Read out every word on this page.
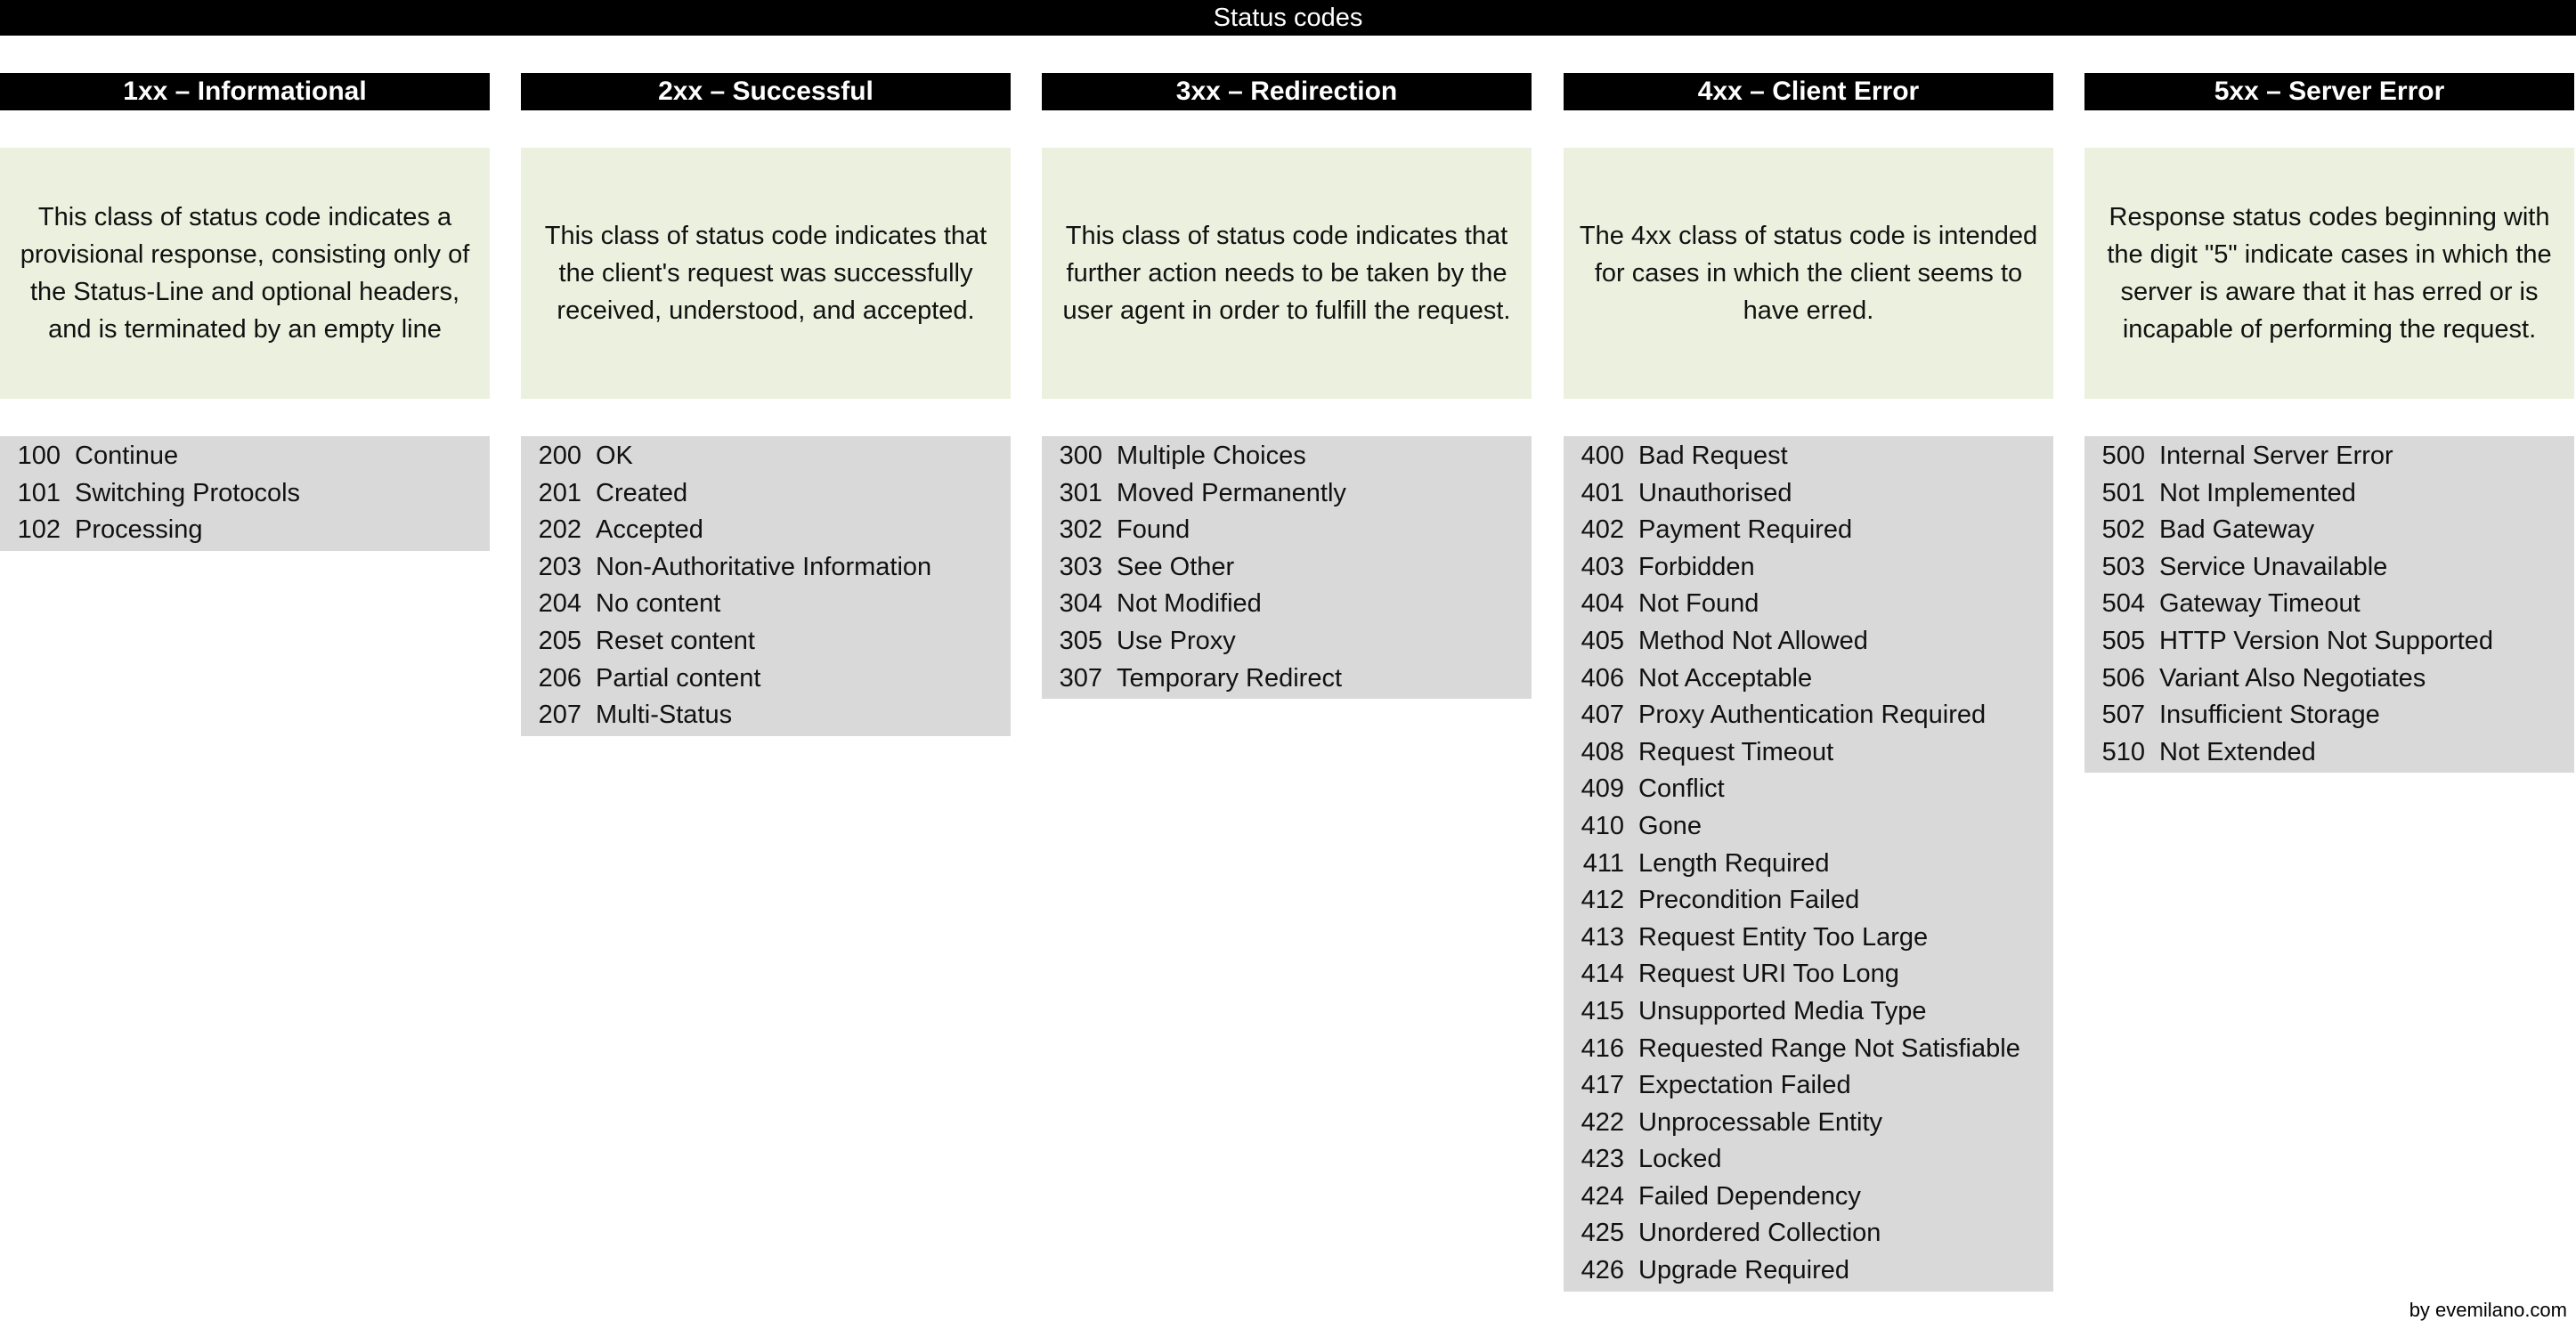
Status codes
1xx – Informational
This class of status code indicates a provisional response, consisting only of the Status-Line and optional headers, and is terminated by an empty line
100 Continue
101 Switching Protocols
102 Processing
2xx – Successful
This class of status code indicates that the client's request was successfully received, understood, and accepted.
200 OK
201 Created
202 Accepted
203 Non-Authoritative Information
204 No content
205 Reset content
206 Partial content
207 Multi-Status
3xx – Redirection
This class of status code indicates that further action needs to be taken by the user agent in order to fulfill the request.
300 Multiple Choices
301 Moved Permanently
302 Found
303 See Other
304 Not Modified
305 Use Proxy
307 Temporary Redirect
4xx – Client Error
The 4xx class of status code is intended for cases in which the client seems to have erred.
400 Bad Request
401 Unauthorised
402 Payment Required
403 Forbidden
404 Not Found
405 Method Not Allowed
406 Not Acceptable
407 Proxy Authentication Required
408 Request Timeout
409 Conflict
410 Gone
411 Length Required
412 Precondition Failed
413 Request Entity Too Large
414 Request URI Too Long
415 Unsupported Media Type
416 Requested Range Not Satisfiable
417 Expectation Failed
422 Unprocessable Entity
423 Locked
424 Failed Dependency
425 Unordered Collection
426 Upgrade Required
5xx – Server Error
Response status codes beginning with the digit "5" indicate cases in which the server is aware that it has erred or is incapable of performing the request.
500 Internal Server Error
501 Not Implemented
502 Bad Gateway
503 Service Unavailable
504 Gateway Timeout
505 HTTP Version Not Supported
506 Variant Also Negotiates
507 Insufficient Storage
510 Not Extended
by evemilano.com
